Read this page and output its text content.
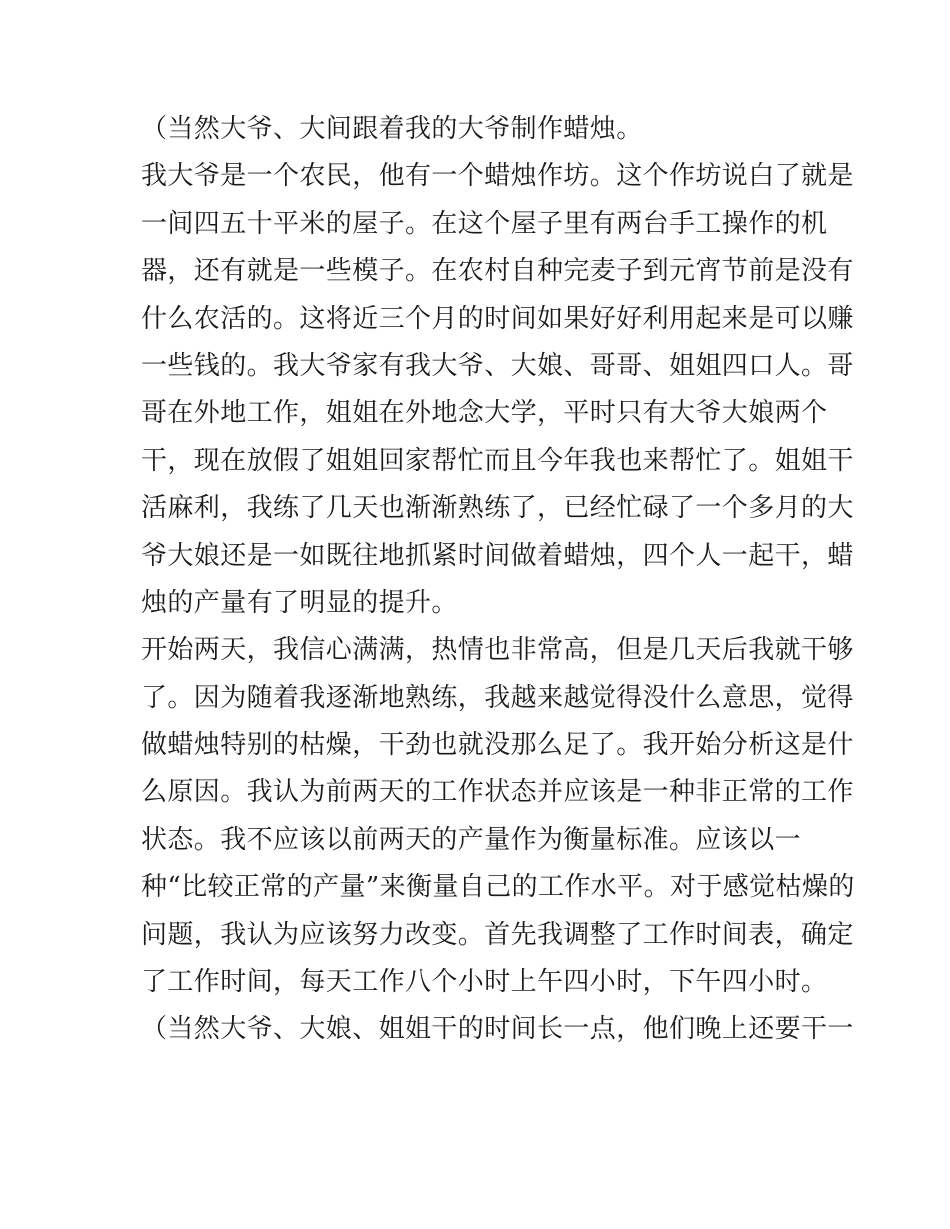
（当然大爷、大间跟着我的大爷制作蜡烛。
我大爷是一个农民，他有一个蜡烛作坊。这个作坊说白了就是
一间四五十平米的屋子。在这个屋子里有两台手工操作的机
器，还有就是一些模子。在农村自种完麦子到元宵节前是没有
什么农活的。这将近三个月的时间如果好好利用起来是可以赚
一些钱的。我大爷家有我大爷、大娘、哥哥、姐姐四口人。哥
哥在外地工作，姐姐在外地念大学，平时只有大爷大娘两个
干，现在放假了姐姐回家帮忙而且今年我也来帮忙了。姐姐干
活麻利，我练了几天也渐渐熟练了，已经忙碌了一个多月的大
爷大娘还是一如既往地抓紧时间做着蜡烛，四个人一起干，蜡
烛的产量有了明显的提升。
开始两天，我信心满满，热情也非常高，但是几天后我就干够
了。因为随着我逐渐地熟练，我越来越觉得没什么意思，觉得
做蜡烛特别的枯燥，干劲也就没那么足了。我开始分析这是什
么原因。我认为前两天的工作状态并应该是一种非正常的工作
状态。我不应该以前两天的产量作为衡量标准。应该以一
种“比较正常的产量”来衡量自己的工作水平。对于感觉枯燥的
问题，我认为应该努力改变。首先我调整了工作时间表，确定
了工作时间，每天工作八个小时上午四小时，下午四小时。
（当然大爷、大娘、姐姐干的时间长一点，他们晚上还要干一
